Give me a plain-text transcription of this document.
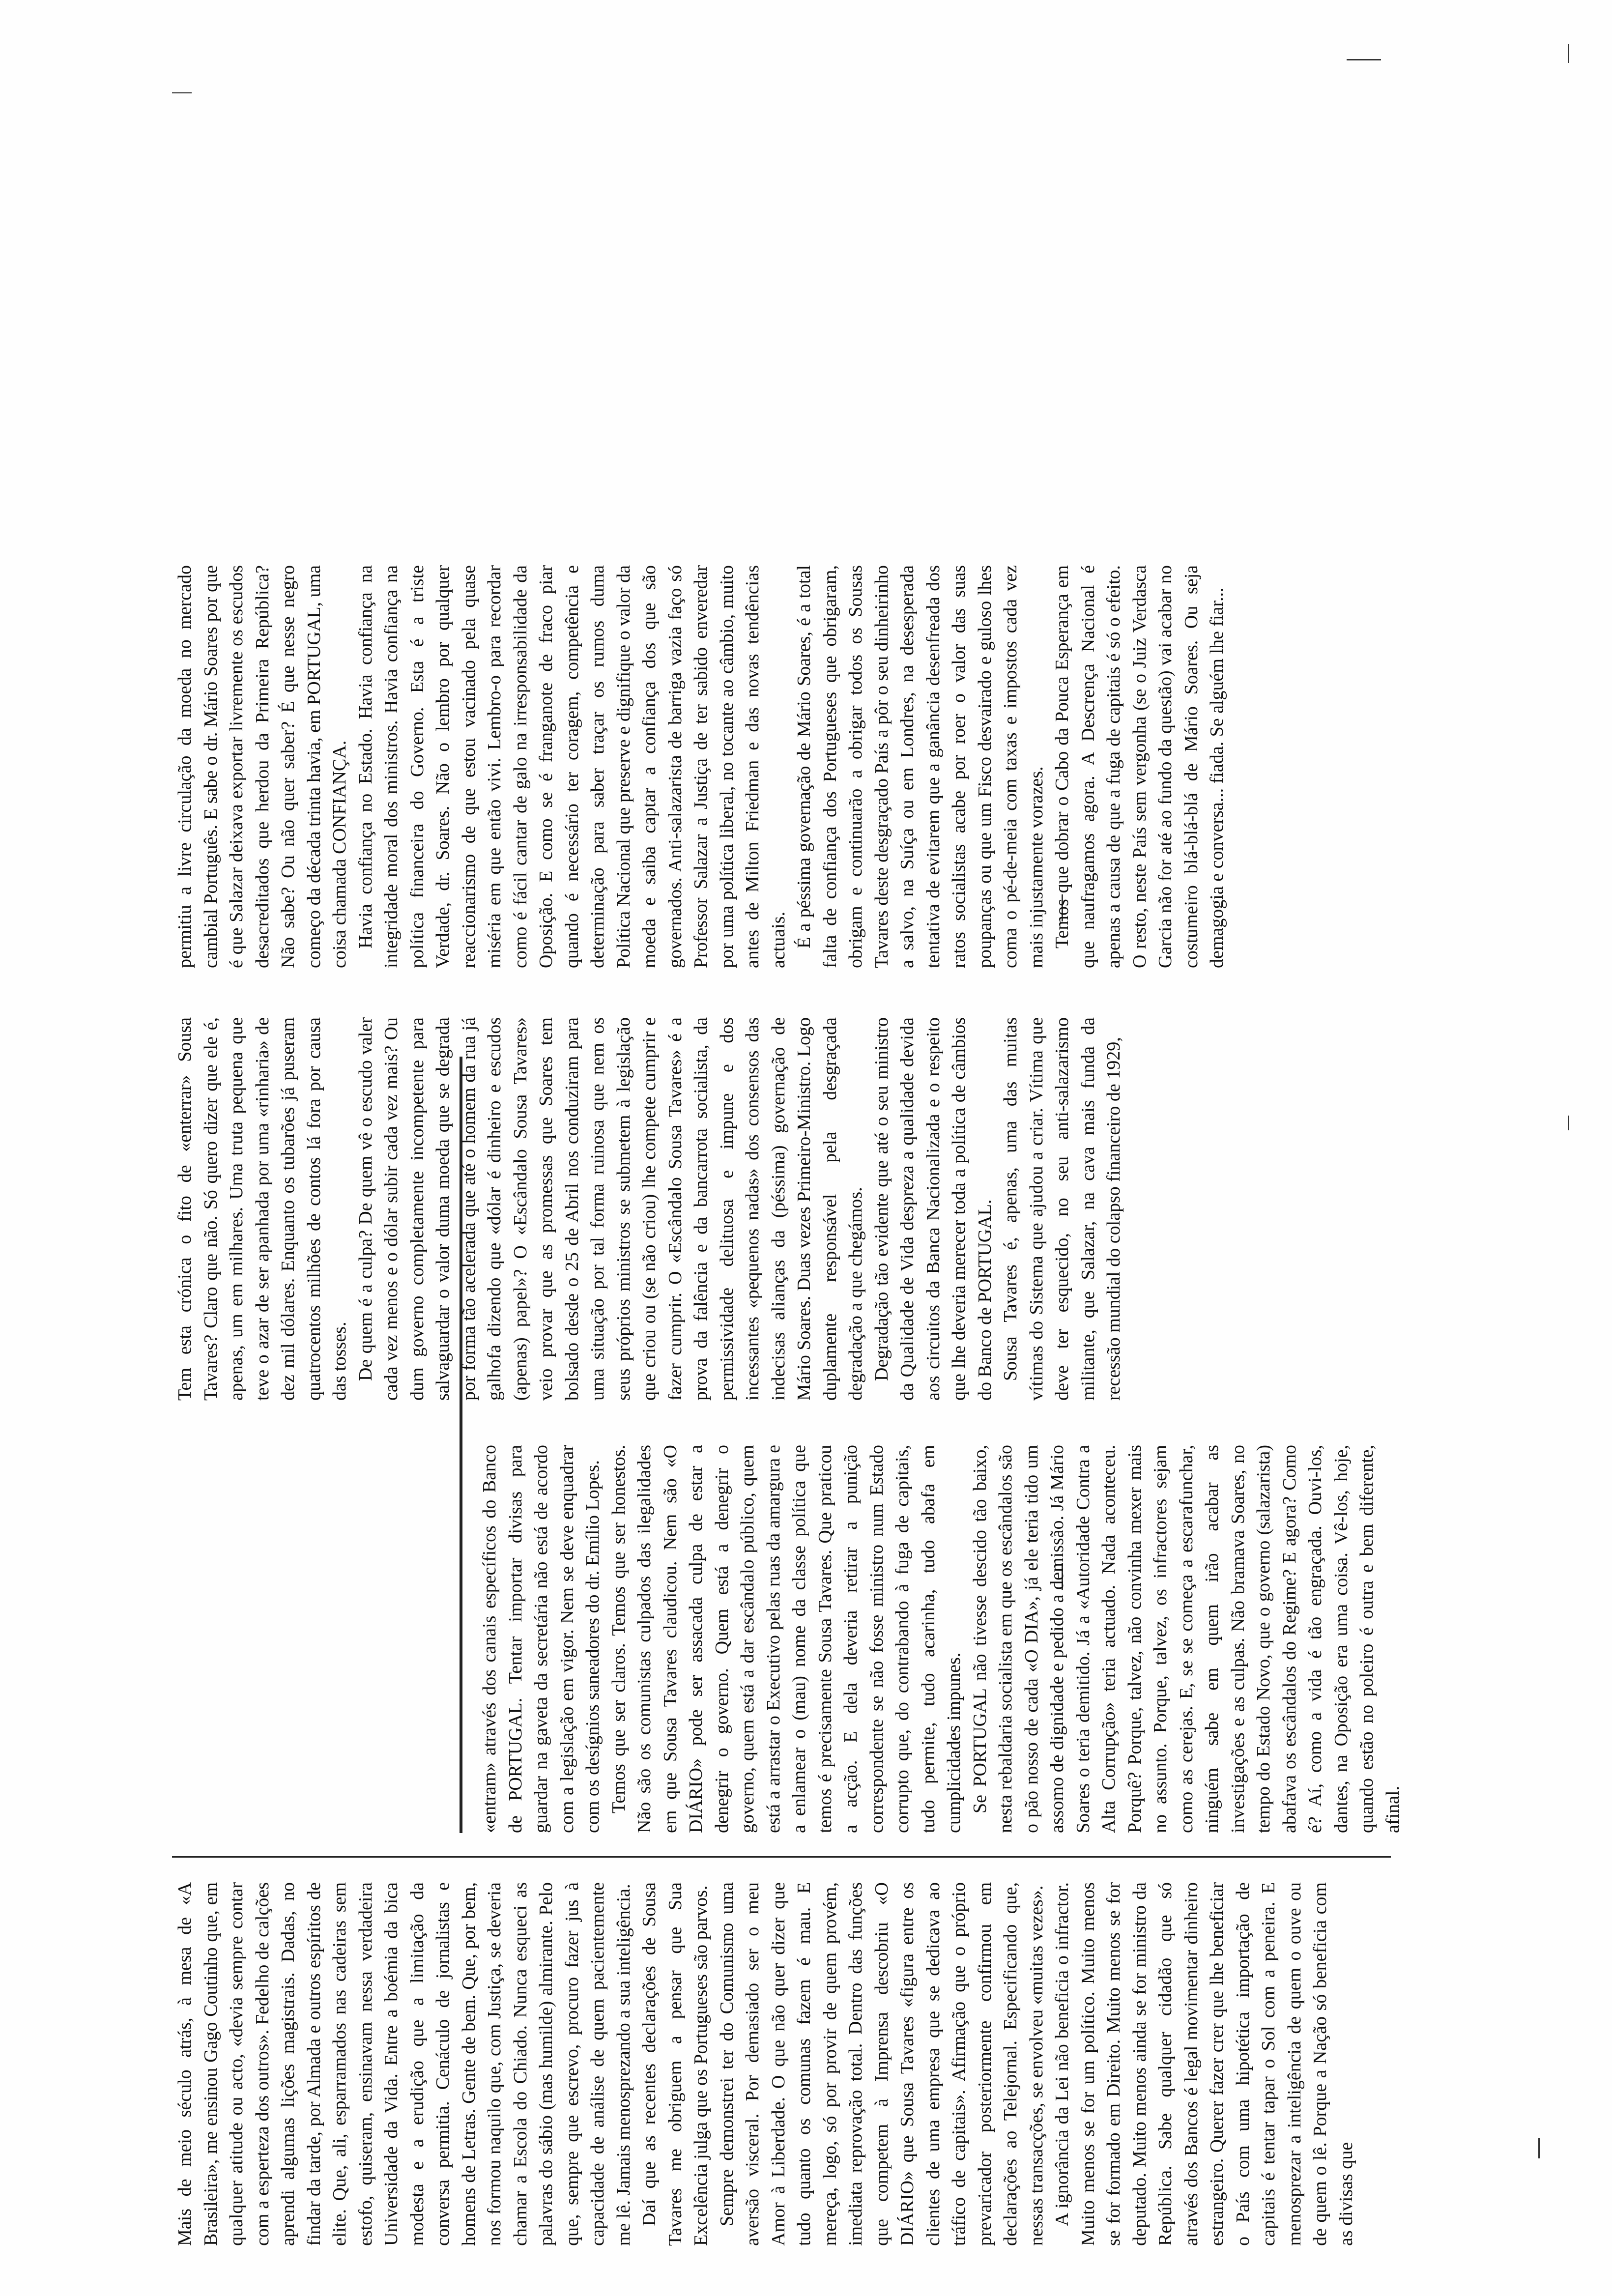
Mais de meio século atrás, à mesa de «A Brasileira», me ensinou Gago Coutinho que, em qualquer atitude ou acto, «devia sempre contar com a esperteza dos outros». Fedelho de calções aprendi algumas lições magistrais. Dadas, no findar da tarde, por Almada e outros espíritos de elite. Que, ali, esparramados nas cadeiras sem estofo, quiseram, ensinavam nessa verdadeira Universidade da Vida. Entre a boémia da bica modesta e a erudição que a limitação da conversa permitia. Cenáculo de jornalistas e homens de Letras. Gente de bem. Que, por bem, nos formou naquilo que, com Justiça, se deveria chamar a Escola do Chiado. Nunca esqueci as palavras do sábio (mas humilde) almirante. Pelo que, sempre que escrevo, procuro fazer jus à capacidade de análise de quem pacientemente me lê. Jamais menosprezando a sua inteligência. Daí que as recentes declarações de Sousa Tavares me obriguem a pensar que Sua Excelência julga que os Portugueses são parvos. Sempre demonstrei ter do Comunismo uma aversão visceral. Por demasiado ser o meu Amor à Liberdade. O que não quer dizer que tudo quanto os comunas fazem é mau. E mereça, logo, só por provir de quem provém, imediata reprovação total. Dentro das funções que competem à Imprensa descobriu «O DIÁRIO» que Sousa Tavares «figura entre os clientes de uma empresa que se dedicava ao tráfico de capitais». Afirmação que o próprio prevaricador posteriormente confirmou em declarações ao Telejornal. Especificando que, nessas transacções, se envolveu «muitas vezes». A ignorância da Lei não beneficia o infractor. Muito menos se for um político. Muito menos se for formado em Direito. Muito menos se for deputado. Muito menos ainda se for ministro da República. Sabe qualquer cidadão que só através dos Bancos é legal movimentar dinheiro estrangeiro. Querer fazer crer que lhe beneficiar o País com uma hipotética importação de capitais é tentar tapar o Sol com a peneira. E menosprezar a inteligência de quem o ouve ou de quem o lê. Porque a Nação só beneficia com as divisas que

«entram» através dos canais específicos do Banco de PORTUGAL. Tentar importar divisas para guardar na gaveta da secretária não está de acordo com a legislação em vigor. Nem se deve enquadrar com os desígnios saneadores do dr. Emílio Lopes. Temos que ser claros. Temos que ser honestos. Não são os comunistas culpados das ilegalidades em que Sousa Tavares claudicou. Nem são «O DIÁRIO» pode ser assacada culpa de estar a denegrir o governo. Quem está a denegrir o governo, quem está a dar escândalo público, quem está a arrastar o Executivo pelas ruas da amargura e a enlamear o (mau) nome da classe política que temos é precisamente Sousa Tavares. Que praticou a acção. E dela deveria retirar a punição correspondente se não fosse ministro num Estado corrupto que, do contrabando à fuga de capitais, tudo permite, tudo acarinha, tudo abafa em cumplicidades impunes. Se PORTUGAL não tivesse descido tão baixo, nesta rebaldaria socialista em que os escândalos são o pão nosso de cada «O DIA», já ele teria tido um assomo de dignidade e pedido a demissão. Já Mário Soares o teria demitido. Já a «Autoridade Contra a Alta Corrupção» teria actuado. Nada aconteceu. Porquê? Porque, talvez, não convinha mexer mais no assunto. Porque, talvez, os infractores sejam como as cerejas. E, se se começa a escarafunchar, ninguém sabe em quem irão acabar as investigações e as culpas. Não bramava Soares, no tempo do Estado Novo, que o governo (salazarista) abafava os escândalos do Regime? E agora? Como é? Aí, como a vida é tão engraçada. Ouvi-los, dantes, na Oposição era uma coisa. Vê-los, hoje, quando estão no poleiro é outra e bem diferente, afinal.

Tem esta crónica o fito de «enterrar» Sousa Tavares? Claro que não. Só quero dizer que ele é, apenas, um em milhares. Uma truta pequena que teve o azar de ser apanhada por uma «rinharia» de dez mil dólares. Enquanto os tubarões já puseram quatrocentos milhões de contos lá fora por causa das tosses. De quem é a culpa? De quem vê o escudo valer cada vez menos e o dólar subir cada vez mais? Ou dum governo completamente incompetente para salvaguardar o valor duma moeda que se degrada por forma tão acelerada que até o homem da rua já galhofa dizendo que «dólar é dinheiro e escudos (apenas) papel»? O «Escândalo Sousa Tavares» veio provar que as promessas que Soares tem bolsado desde o 25 de Abril nos conduziram para uma situação por tal forma ruinosa que nem os seus próprios ministros se submetem à legislação que criou ou (se não criou) lhe compete cumprir e fazer cumprir. O «Escândalo Sousa Tavares» é a prova da falência e da bancarrota socialista, da permissividade delituosa e impune e dos incessantes «pequenos nadas» dos consensos das indecisas alianças da (péssima) governação de Mário Soares. Duas vezes Primeiro-Ministro. Logo duplamente responsável pela desgraçada degradação a que chegámos. Degradação tão evidente que até o seu ministro da Qualidade de Vida despreza a qualidade devida aos circuitos da Banca Nacionalizada e o respeito que lhe deveria merecer toda a política de câmbios do Banco de PORTUGAL. Sousa Tavares é, apenas, uma das muitas vítimas do Sistema que ajudou a criar. Vítima que deve ter esquecido, no seu anti-salazarismo militante, que Salazar, na cava mais funda da recessão mundial do colapso financeiro de 1929,

permitiu a livre circulação da moeda no mercado cambial Português. E sabe o dr. Mário Soares por que é que Salazar deixava exportar livremente os escudos desacreditados que herdou da Primeira República? Não sabe? Ou não quer saber? É que nesse negro começo da década trinta havia, em PORTUGAL, uma coisa chamada CONFIANÇA. Havia confiança no Estado. Havia confiança na integridade moral dos ministros. Havia confiança na política financeira do Governo. Esta é a triste Verdade, dr. Soares. Não o lembro por qualquer reaccionarismo de que estou vacinado pela quase miséria em que então vivi. Lembro-o para recordar como é fácil cantar de galo na irresponsabilidade da Oposição. E como se é franganote de fraco piar quando é necessário ter coragem, competência e determinação para saber traçar os rumos duma Política Nacional que preserve e dignifique o valor da moeda e saiba captar a confiança dos que são governados. Anti-salazarista de barriga vazia faço só Professor Salazar a Justiça de ter sabido enveredar por uma política liberal, no tocante ao câmbio, muito antes de Milton Friedman e das novas tendências actuais. É a péssima governação de Mário Soares, é a total falta de confiança dos Portugueses que obrigaram, obrigam e continuarão a obrigar todos os Sousas Tavares deste desgraçado País a pôr o seu dinheirinho a salvo, na Suíça ou em Londres, na desesperada tentativa de evitarem que a ganância desenfreada dos ratos socialistas acabe por roer o valor das suas poupanças ou que um Fisco desvairado e guloso lhes coma o pé-de-meia com taxas e impostos cada vez mais injustamente vorazes. Temos que dobrar o Cabo da Pouca Esperança em que naufragamos agora. A Descrença Nacional é apenas a causa de que a fuga de capitais é só o efeito. O resto, neste País sem vergonha (se o Juiz Verdasca Garcia não for até ao fundo da questão) vai acabar no costumeiro blá-blá-blá de Mário Soares. Ou seja demagogia e conversa... fiada. Se alguém lhe fiar...
